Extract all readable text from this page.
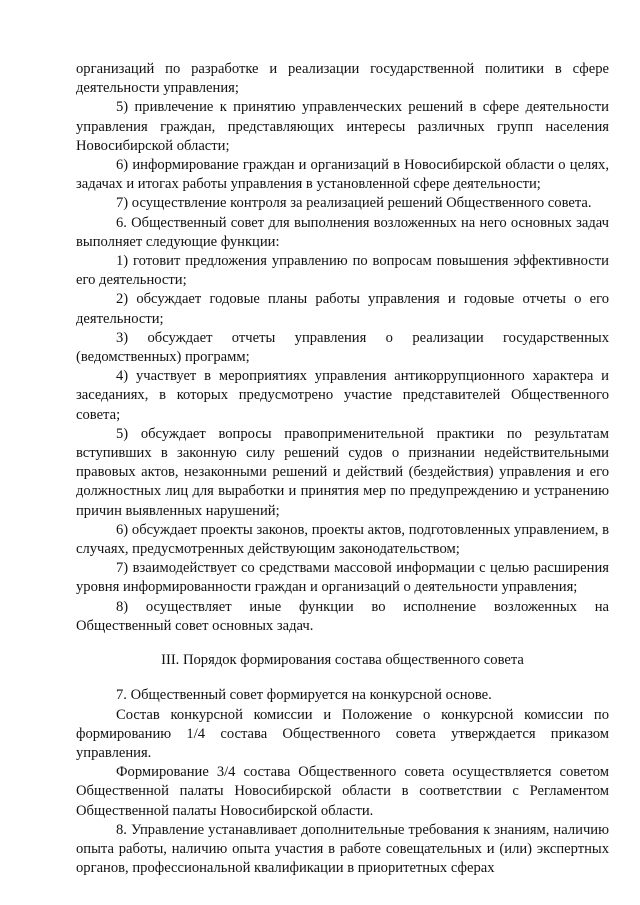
организаций по разработке и реализации государственной политики в сфере деятельности управления;

5) привлечение к принятию управленческих решений в сфере деятельности управления граждан, представляющих интересы различных групп населения Новосибирской области;

6) информирование граждан и организаций в Новосибирской области о целях, задачах и итогах работы управления в установленной сфере деятельности;

7) осуществление контроля за реализацией решений Общественного совета.

6. Общественный совет для выполнения возложенных на него основных задач выполняет следующие функции:

1) готовит предложения управлению по вопросам повышения эффективности его деятельности;

2) обсуждает годовые планы работы управления и годовые отчеты о его деятельности;

3) обсуждает отчеты управления о реализации государственных (ведомственных) программ;

4) участвует в мероприятиях управления антикоррупционного характера и заседаниях, в которых предусмотрено участие представителей Общественного совета;

5) обсуждает вопросы правоприменительной практики по результатам вступивших в законную силу решений судов о признании недействительными правовых актов, незаконными решений и действий (бездействия) управления и его должностных лиц для выработки и принятия мер по предупреждению и устранению причин выявленных нарушений;

6) обсуждает проекты законов, проекты актов, подготовленных управлением, в случаях, предусмотренных действующим законодательством;

7) взаимодействует со средствами массовой информации с целью расширения уровня информированности граждан и организаций о деятельности управления;

8) осуществляет иные функции во исполнение возложенных на Общественный совет основных задач.

III. Порядок формирования состава общественного совета

7. Общественный совет формируется на конкурсной основе.

Состав конкурсной комиссии и Положение о конкурсной комиссии по формированию 1/4 состава Общественного совета утверждается приказом управления.

Формирование 3/4 состава Общественного совета осуществляется советом Общественной палаты Новосибирской области в соответствии с Регламентом Общественной палаты Новосибирской области.

8. Управление устанавливает дополнительные требования к знаниям, наличию опыта работы, наличию опыта участия в работе совещательных и (или) экспертных органов, профессиональной квалификации в приоритетных сферах
